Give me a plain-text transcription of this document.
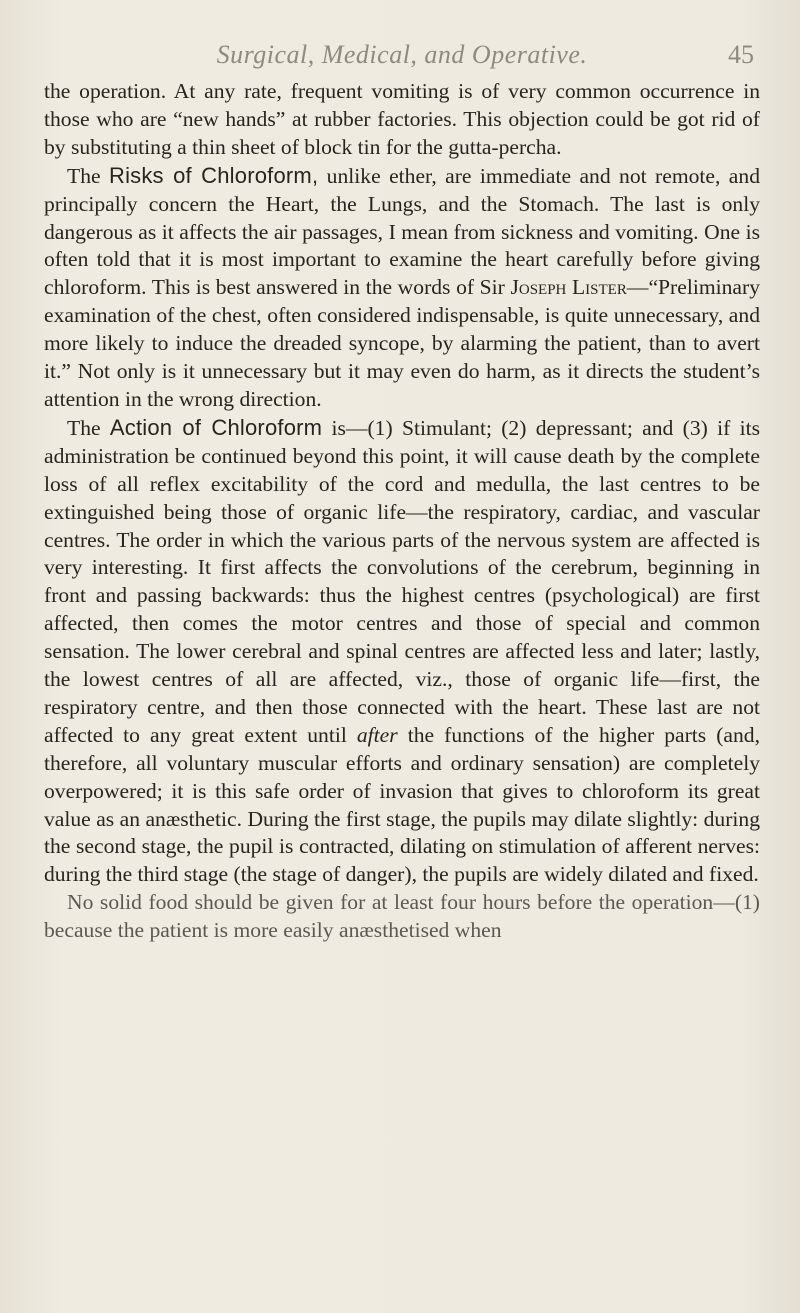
Surgical, Medical, and Operative.	45

the operation. At any rate, frequent vomiting is of very common occurrence in those who are “new hands” at rubber factories. This objection could be got rid of by substituting a thin sheet of block tin for the gutta-percha.

The Risks of Chloroform, unlike ether, are immediate and not remote, and principally concern the Heart, the Lungs, and the Stomach. The last is only dangerous as it affects the air passages, I mean from sickness and vomiting. One is often told that it is most important to examine the heart carefully before giving chloroform. This is best answered in the words of Sir Joseph Lister—“Preliminary examination of the chest, often considered indispensable, is quite unnecessary, and more likely to induce the dreaded syncope, by alarming the patient, than to avert it.” Not only is it unnecessary but it may even do harm, as it directs the student’s attention in the wrong direction.

The Action of Chloroform is—(1) Stimulant; (2) depressant; and (3) if its administration be continued beyond this point, it will cause death by the complete loss of all reflex excitability of the cord and medulla, the last centres to be extinguished being those of organic life—the respiratory, cardiac, and vascular centres. The order in which the various parts of the nervous system are affected is very interesting. It first affects the convolutions of the cerebrum, beginning in front and passing backwards: thus the highest centres (psychological) are first affected, then comes the motor centres and those of special and common sensation. The lower cerebral and spinal centres are affected less and later; lastly, the lowest centres of all are affected, viz., those of organic life—first, the respiratory centre, and then those connected with the heart. These last are not affected to any great extent until after the functions of the higher parts (and, therefore, all voluntary muscular efforts and ordinary sensation) are completely overpowered; it is this safe order of invasion that gives to chloroform its great value as an anæsthetic. During the first stage, the pupils may dilate slightly: during the second stage, the pupil is contracted, dilating on stimulation of afferent nerves: during the third stage (the stage of danger), the pupils are widely dilated and fixed.

No solid food should be given for at least four hours before the operation—(1) because the patient is more easily anæsthetised when
